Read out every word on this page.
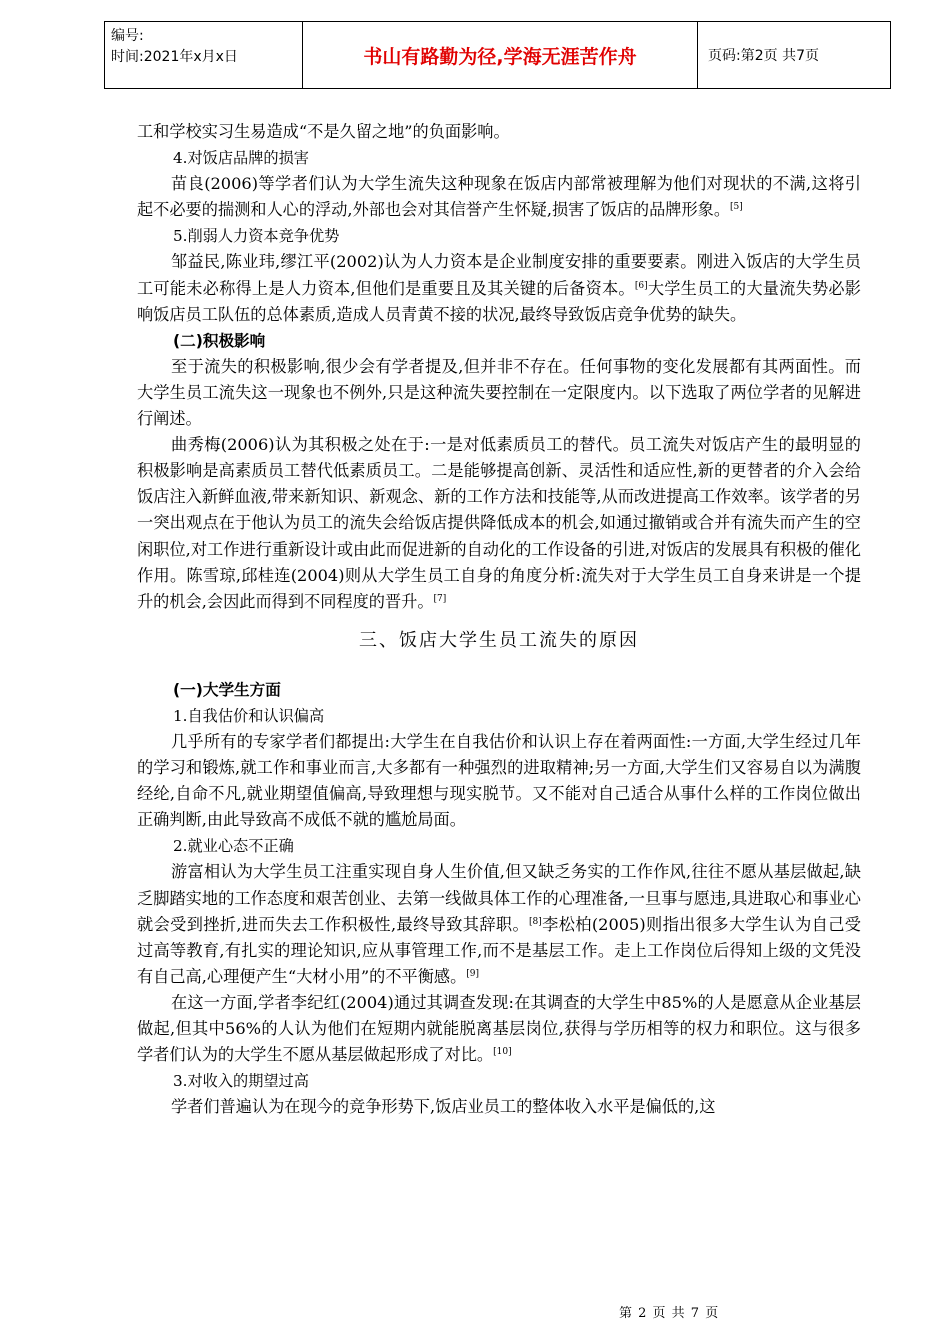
编号:
时间:2021年x月x日	书山有路勤为径,学海无涯苦作舟	页码:第2页 共7页

工和学校实习生易造成“不是久留之地”的负面影响。

4.对饭店品牌的损害

苗良(2006)等学者们认为大学生流失这种现象在饭店内部常被理解为他们对现状的不满,这将引起不必要的揣测和人心的浮动,外部也会对其信誉产生怀疑,损害了饭店的品牌形象。[5]

5.削弱人力资本竞争优势

邹益民,陈业玮,缪江平(2002)认为人力资本是企业制度安排的重要要素。刚进入饭店的大学生员工可能未必称得上是人力资本,但他们是重要且及其关键的后备资本。[6]大学生员工的大量流失势必影响饭店员工队伍的总体素质,造成人员青黄不接的状况,最终导致饭店竞争优势的缺失。

(二)积极影响

至于流失的积极影响,很少会有学者提及,但并非不存在。任何事物的变化发展都有其两面性。而大学生员工流失这一现象也不例外,只是这种流失要控制在一定限度内。以下选取了两位学者的见解进行阐述。

曲秀梅(2006)认为其积极之处在于:一是对低素质员工的替代。员工流失对饭店产生的最明显的积极影响是高素质员工替代低素质员工。二是能够提高创新、灵活性和适应性,新的更替者的介入会给饭店注入新鲜血液,带来新知识、新观念、新的工作方法和技能等,从而改进提高工作效率。该学者的另一突出观点在于他认为员工的流失会给饭店提供降低成本的机会,如通过撤销或合并有流失而产生的空闲职位,对工作进行重新设计或由此而促进新的自动化的工作设备的引进,对饭店的发展具有积极的催化作用。陈雪琼,邱桂连(2004)则从大学生员工自身的角度分析:流失对于大学生员工自身来讲是一个提升的机会,会因此而得到不同程度的晋升。[7]

三、饭店大学生员工流失的原因

(一)大学生方面

1.自我估价和认识偏高

几乎所有的专家学者们都提出:大学生在自我估价和认识上存在着两面性:一方面,大学生经过几年的学习和锻炼,就工作和事业而言,大多都有一种强烈的进取精神;另一方面,大学生们又容易自以为满腹经纶,自命不凡,就业期望值偏高,导致理想与现实脱节。又不能对自己适合从事什么样的工作岗位做出正确判断,由此导致高不成低不就的尴尬局面。

2.就业心态不正确

游富相认为大学生员工注重实现自身人生价值,但又缺乏务实的工作作风,往往不愿从基层做起,缺乏脚踏实地的工作态度和艰苦创业、去第一线做具体工作的心理准备,一旦事与愿违,具进取心和事业心就会受到挫折,进而失去工作积极性,最终导致其辞职。[8]李松柏(2005)则指出很多大学生认为自己受过高等教育,有扎实的理论知识,应从事管理工作,而不是基层工作。走上工作岗位后得知上级的文凭没有自己高,心理便产生“大材小用”的不平衡感。[9]

在这一方面,学者李纪红(2004)通过其调查发现:在其调查的大学生中85%的人是愿意从企业基层做起,但其中56%的人认为他们在短期内就能脱离基层岗位,获得与学历相等的权力和职位。这与很多学者们认为的大学生不愿从基层做起形成了对比。[10]

3.对收入的期望过高

学者们普遍认为在现今的竞争形势下,饭店业员工的整体收入水平是偏低的,这

第 2 页 共 7 页
